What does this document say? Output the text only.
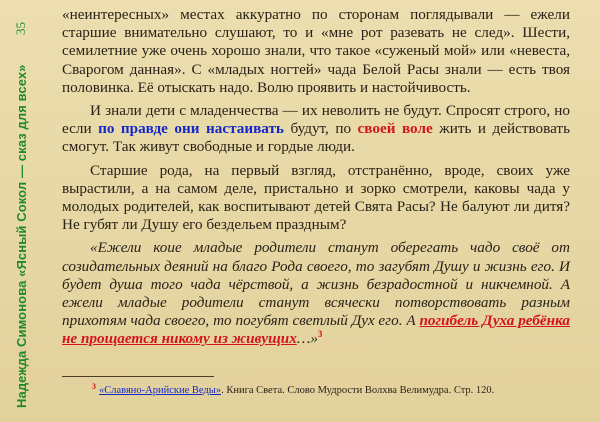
Надежда Симонова «Ясный Сокол — сказ для всех»
35

«неинтересных» местах аккуратно по сторонам поглядывали — ежели старшие внимательно слушают, то и «мне рот разевать не след». Шести, семилетние уже очень хорошо знали, что такое «суженый мой» или «невеста, Сварогом данная». С «младых ногтей» чада Белой Расы знали — есть твоя половинка. Её отыскать надо. Волю проявить и настойчивость.

И знали дети с младенчества — их неволить не будут. Спросят строго, но если по правде они настаивать будут, по своей воле жить и действовать смогут. Так живут свободные и гордые люди.

Старшие рода, на первый взгляд, отстранённо, вроде, своих уже вырастили, а на самом деле, пристально и зорко смотрели, каковы чада у молодых родителей, как воспитывают детей Свята Расы? Не балуют ли дитя? Не губят ли Душу его бездельем праздным?

«Ежели коие младые родители станут оберегать чадо своё от созидательных деяний на благо Рода своего, то загубят Душу и жизнь его. И будет душа того чада чёрствой, а жизнь безрадостной и никчемной. А ежели младые родители станут всячески потворствовать разным прихотям чада своего, то погубят светлый Дух его. А погибель Духа ребёнка не прощается никому из живущих…»$^3$

$^3$ «Славяно-Арийские Веды». Книга Света. Слово Мудрости Волхва Велимудра. Стр. 120.
